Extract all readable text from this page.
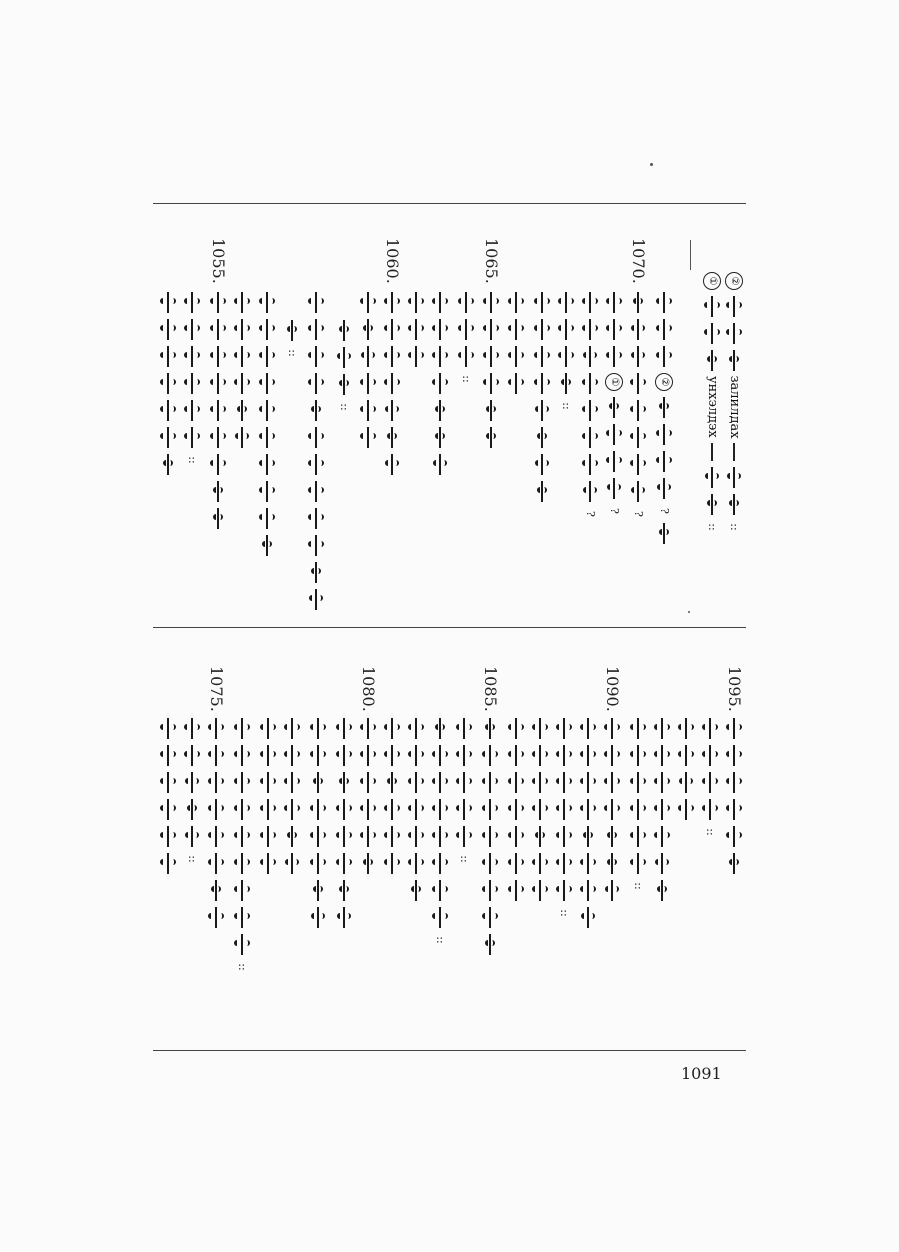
②
залилдах
::
①
yнхэлдэх
::
②
?
1070.
?
①
?
?
::
1065.
::
1060.
::
::
1055.
::
1095.
::
::
1090.
::
1085.
::
::
1080.
::
1075.
::
1091
